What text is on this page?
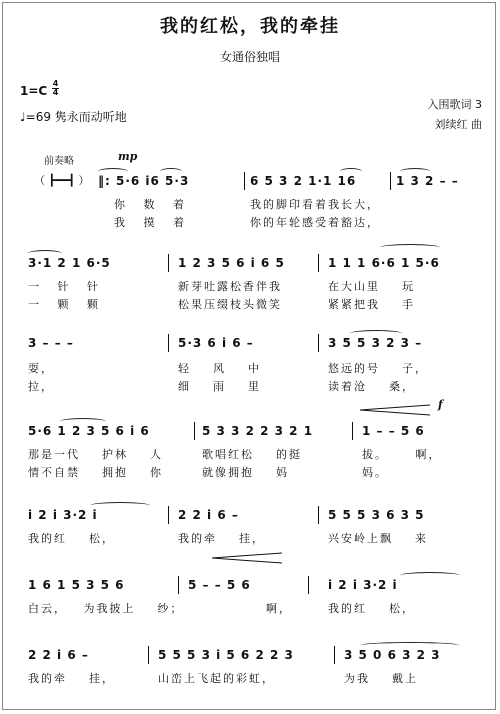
我的红松，我的牵挂
女通俗独唱
1=C
4
4
♩=69 隽永而动听地
入围歌词 3
刘续红 曲
前奏略
（ ┣━━┫ ）
mp
f
‖: 5·6 i6 5·3	6 5 3 2 1·1 16	1 3 2 – –
你   数   着	我的脚印看着我长大，
我   摸   着	你的年轮感受着豁达，
3·1 2 1 6·5	1 2 3 5 6 i 6 5	1 1 1 6·6 1 5·6
一   针   针	新芽吐露松香伴我	在大山里    玩
一   颗   颗	松果压缀枝头微笑	紧紧把我    手
3 – – –	5·3 6 i 6 –	3 5 5 3 2 3 –
耍，	轻    风    中	悠远的号    子，
拉，	细    雨    里	读着沧    桑，
5·6 1 2 3 5 6 i 6	5 3 3 2 2 3 2 1	1 – – 5 6
那是一代    护林    人	歌唱红松    的挺	拔。     啊，
情不自禁    拥抱    你	就像拥抱    妈	妈。
i 2 i 3·2 i	2 2 i 6 –	5 5 5 3 6 3 5
我的红    松，	我的牵    挂，	兴安岭上飘    来
1 6 1 5 3 5 6	5 – – 5 6	i 2 i 3·2 i
白云，   为我披上    纱；	啊，	我的红    松，
2 2 i 6 –	5 5 5 3 i 5 6 2 2 3	3 5 0 6 3 2 3
我的牵    挂，	山峦上飞起的彩虹，	为我    戴上
